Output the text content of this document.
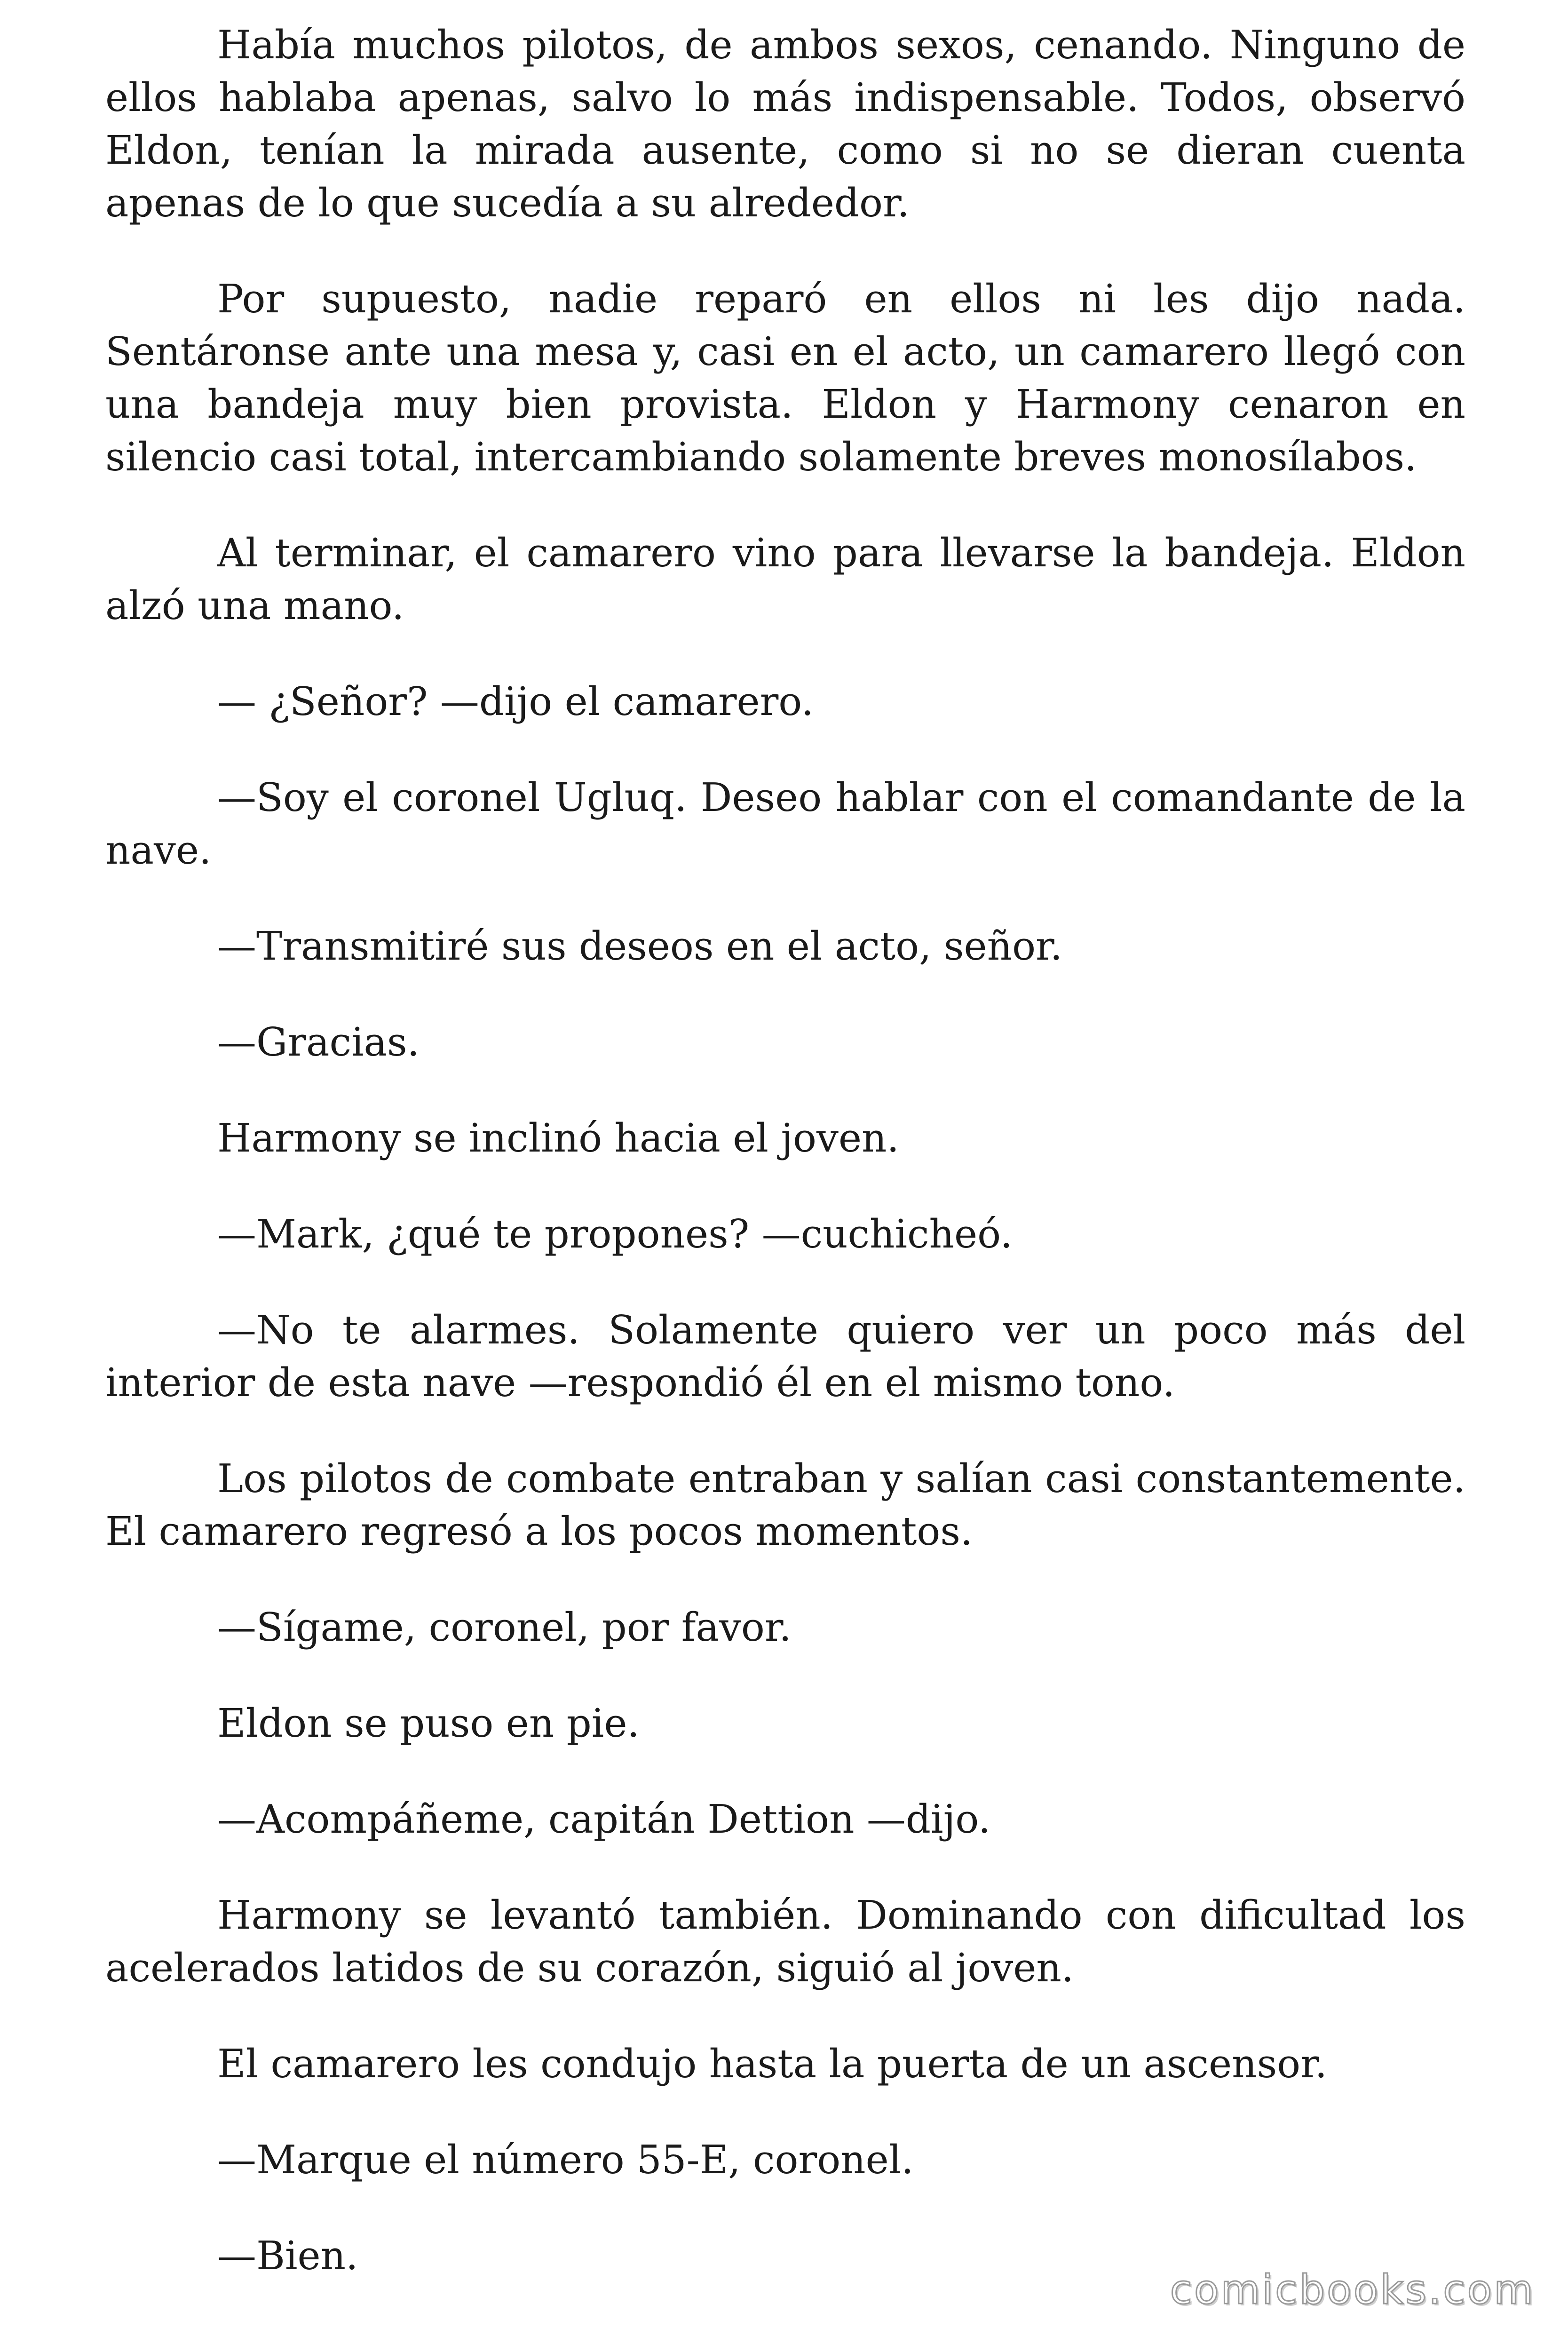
Había muchos pilotos, de ambos sexos, cenando. Ninguno de ellos hablaba apenas, salvo lo más indispensable. Todos, observó Eldon, tenían la mirada ausente, como si no se dieran cuenta apenas de lo que sucedía a su alrededor.

Por supuesto, nadie reparó en ellos ni les dijo nada. Sentáronse ante una mesa y, casi en el acto, un camarero llegó con una bandeja muy bien provista. Eldon y Harmony cenaron en silencio casi total, intercambiando solamente breves monosílabos.

Al terminar, el camarero vino para llevarse la bandeja. Eldon alzó una mano.

— ¿Señor? —dijo el camarero.

—Soy el coronel Ugluq. Deseo hablar con el comandante de la nave.

—Transmitiré sus deseos en el acto, señor.

—Gracias.

Harmony se inclinó hacia el joven.

—Mark, ¿qué te propones? —cuchicheó.

—No te alarmes. Solamente quiero ver un poco más del interior de esta nave —respondió él en el mismo tono.

Los pilotos de combate entraban y salían casi constantemente. El camarero regresó a los pocos momentos.

—Sígame, coronel, por favor.

Eldon se puso en pie.

—Acompáñeme, capitán Dettion —dijo.

Harmony se levantó también. Dominando con dificultad los acelerados latidos de su corazón, siguió al joven.

El camarero les condujo hasta la puerta de un ascensor.

—Marque el número 55-E, coronel.

—Bien.

comicbooks.com
